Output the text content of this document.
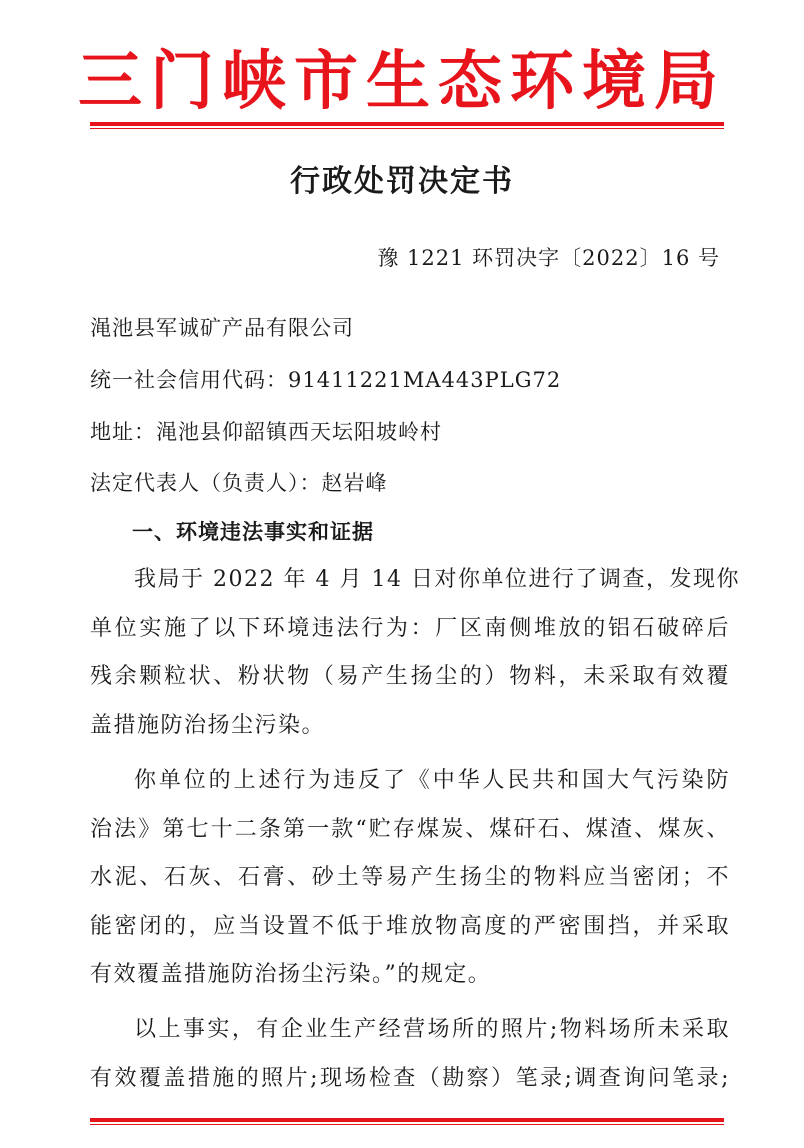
三门峡市生态环境局
行政处罚决定书
豫 1221 环罚决字〔2022〕16 号
渑池县军诚矿产品有限公司
统一社会信用代码：91411221MA443PLG72
地址：渑池县仰韶镇西天坛阳坡岭村
法定代表人（负责人）：赵岩峰
一、环境违法事实和证据
我局于 2022 年 4 月 14 日对你单位进行了调查，发现你
单位实施了以下环境违法行为：厂区南侧堆放的铝石破碎后
残余颗粒状、粉状物（易产生扬尘的）物料，未采取有效覆
盖措施防治扬尘污染。
你单位的上述行为违反了《中华人民共和国大气污染防
治法》第七十二条第一款“贮存煤炭、煤矸石、煤渣、煤灰、
水泥、石灰、石膏、砂土等易产生扬尘的物料应当密闭；不
能密闭的，应当设置不低于堆放物高度的严密围挡，并采取
有效覆盖措施防治扬尘污染。”的规定。
以上事实，有企业生产经营场所的照片;物料场所未采取
有效覆盖措施的照片;现场检查（勘察）笔录;调查询问笔录;
